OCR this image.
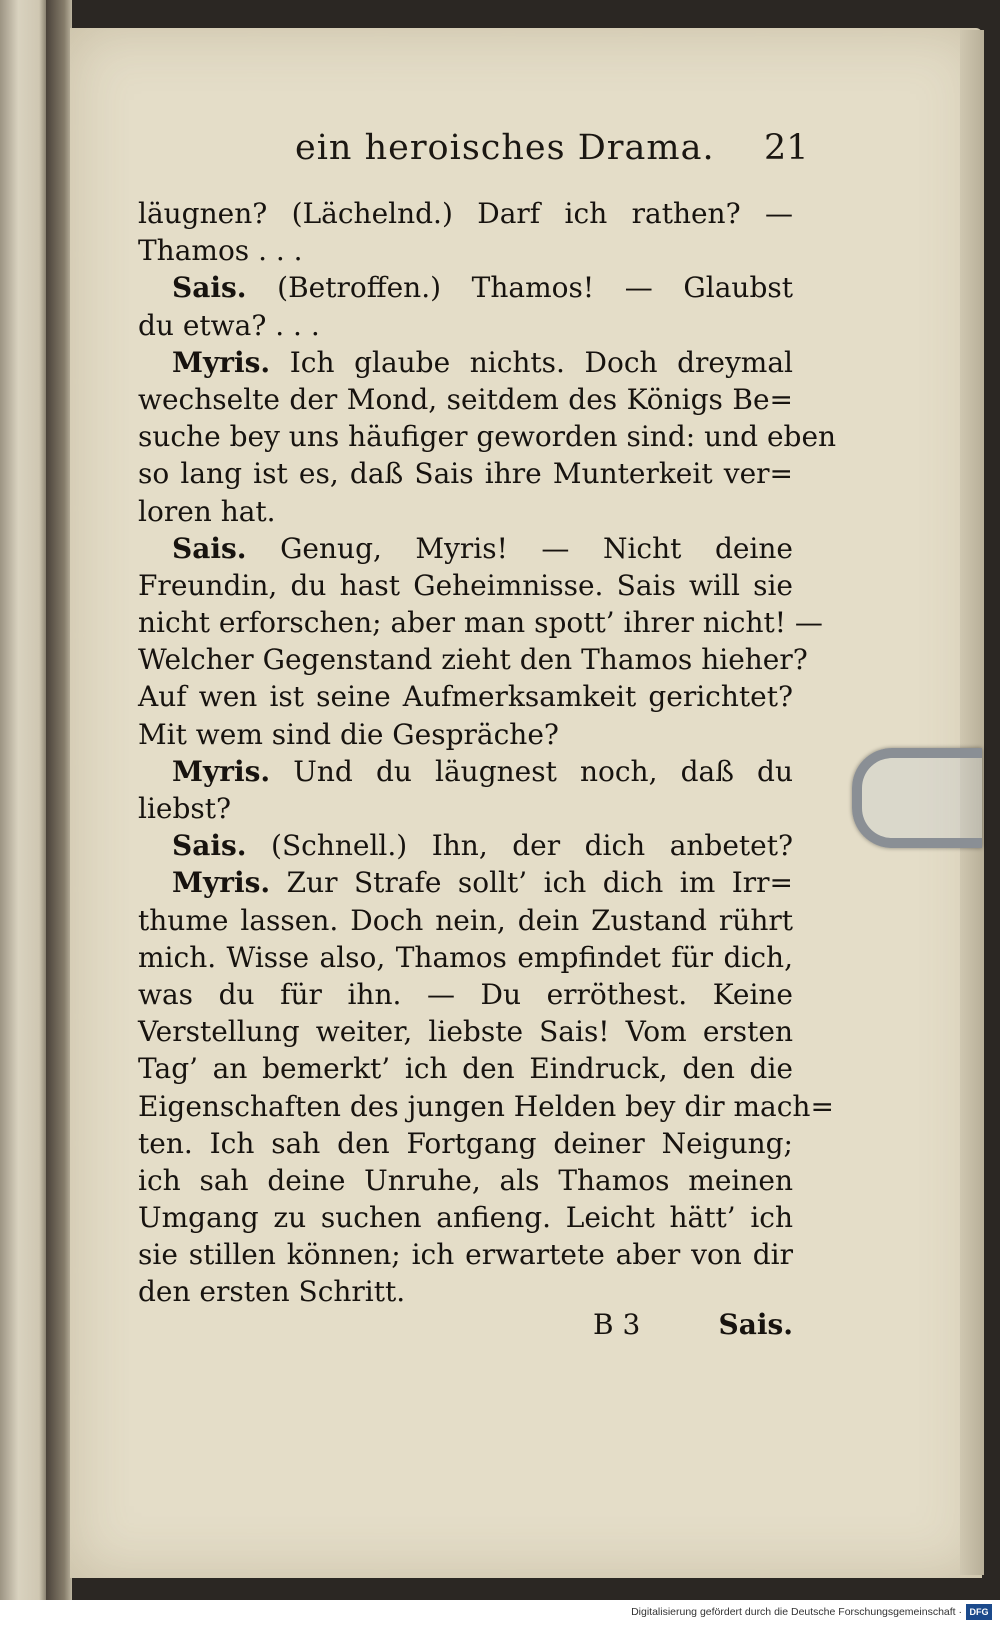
ein heroisches Drama. 21
läugnen? (Lächelnd.) Darf ich rathen? —
Thamos . . .
Sais. (Betroffen.) Thamos! — Glaubst
du etwa? . . .
Myris. Ich glaube nichts. Doch dreymal
wechselte der Mond, seitdem des Königs Be=
suche bey uns häufiger geworden sind: und eben
so lang ist es, daß Sais ihre Munterkeit ver=
loren hat.
Sais. Genug, Myris! — Nicht deine
Freundin, du hast Geheimnisse. Sais will sie
nicht erforschen; aber man spott’ ihrer nicht! —
Welcher Gegenstand zieht den Thamos hieher?
Auf wen ist seine Aufmerksamkeit gerichtet?
Mit wem sind die Gespräche?
Myris. Und du läugnest noch, daß du
liebst?
Sais. (Schnell.) Ihn, der dich anbetet?
Myris. Zur Strafe sollt’ ich dich im Irr=
thume lassen. Doch nein, dein Zustand rührt
mich. Wisse also, Thamos empfindet für dich,
was du für ihn. — Du erröthest. Keine
Verstellung weiter, liebste Sais! Vom ersten
Tag’ an bemerkt’ ich den Eindruck, den die
Eigenschaften des jungen Helden bey dir mach=
ten. Ich sah den Fortgang deiner Neigung;
ich sah deine Unruhe, als Thamos meinen
Umgang zu suchen anfieng. Leicht hätt’ ich
sie stillen können; ich erwartete aber von dir
den ersten Schritt.
B 3	Sais.
Digitalisierung gefördert durch die Deutsche Forschungsgemeinschaft · DFG
